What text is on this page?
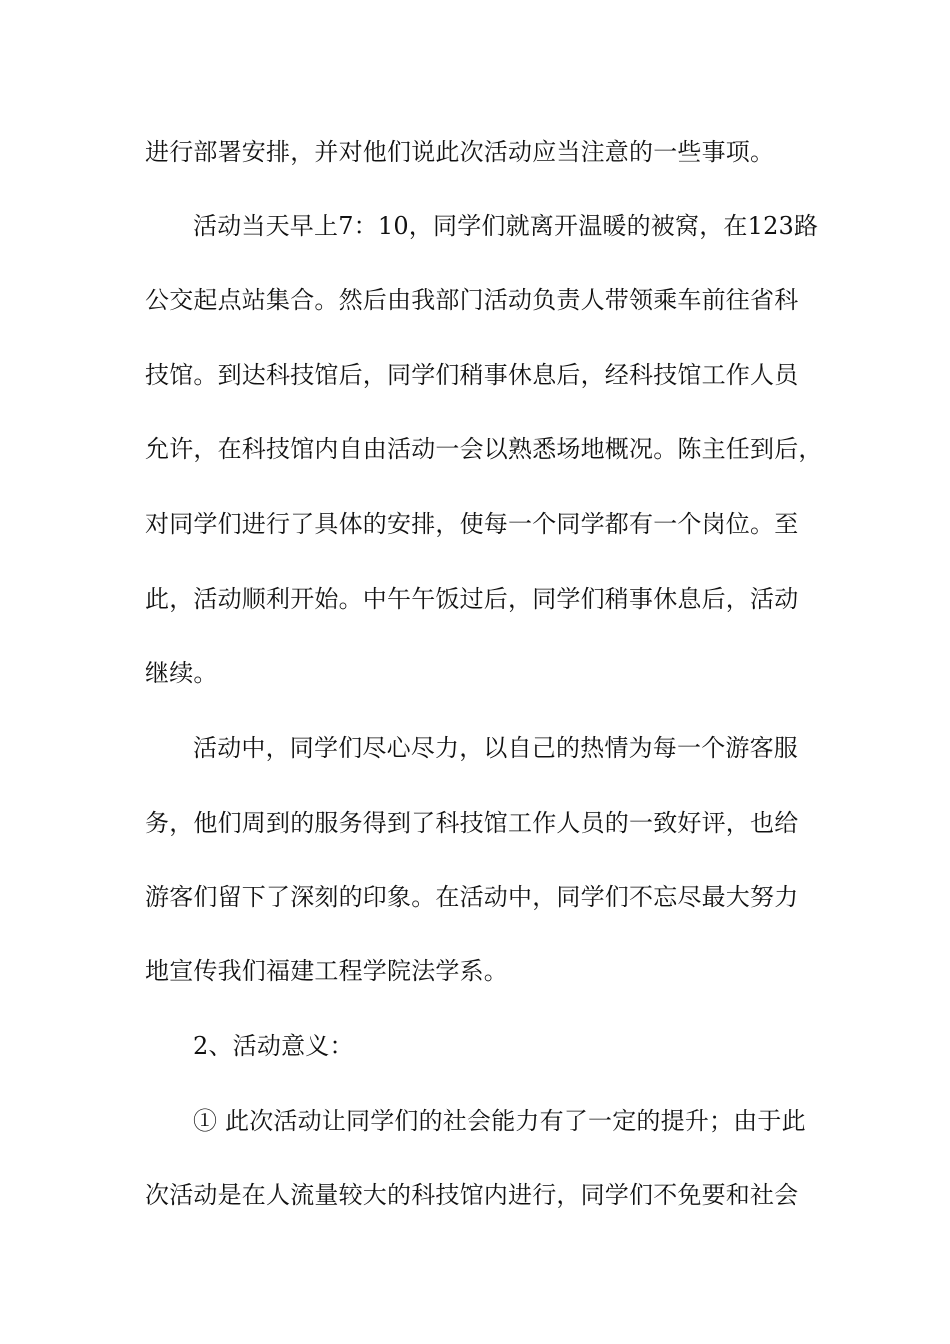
进行部署安排，并对他们说此次活动应当注意的一些事项。
活动当天早上7：10，同学们就离开温暖的被窝，在123路
公交起点站集合。然后由我部门活动负责人带领乘车前往省科
技馆。到达科技馆后，同学们稍事休息后，经科技馆工作人员
允许，在科技馆内自由活动一会以熟悉场地概况。陈主任到后，
对同学们进行了具体的安排，使每一个同学都有一个岗位。至
此，活动顺利开始。中午午饭过后，同学们稍事休息后，活动
继续。
活动中，同学们尽心尽力，以自己的热情为每一个游客服
务，他们周到的服务得到了科技馆工作人员的一致好评，也给
游客们留下了深刻的印象。在活动中，同学们不忘尽最大努力
地宣传我们福建工程学院法学系。
2、活动意义：
① 此次活动让同学们的社会能力有了一定的提升；由于此
次活动是在人流量较大的科技馆内进行，同学们不免要和社会
